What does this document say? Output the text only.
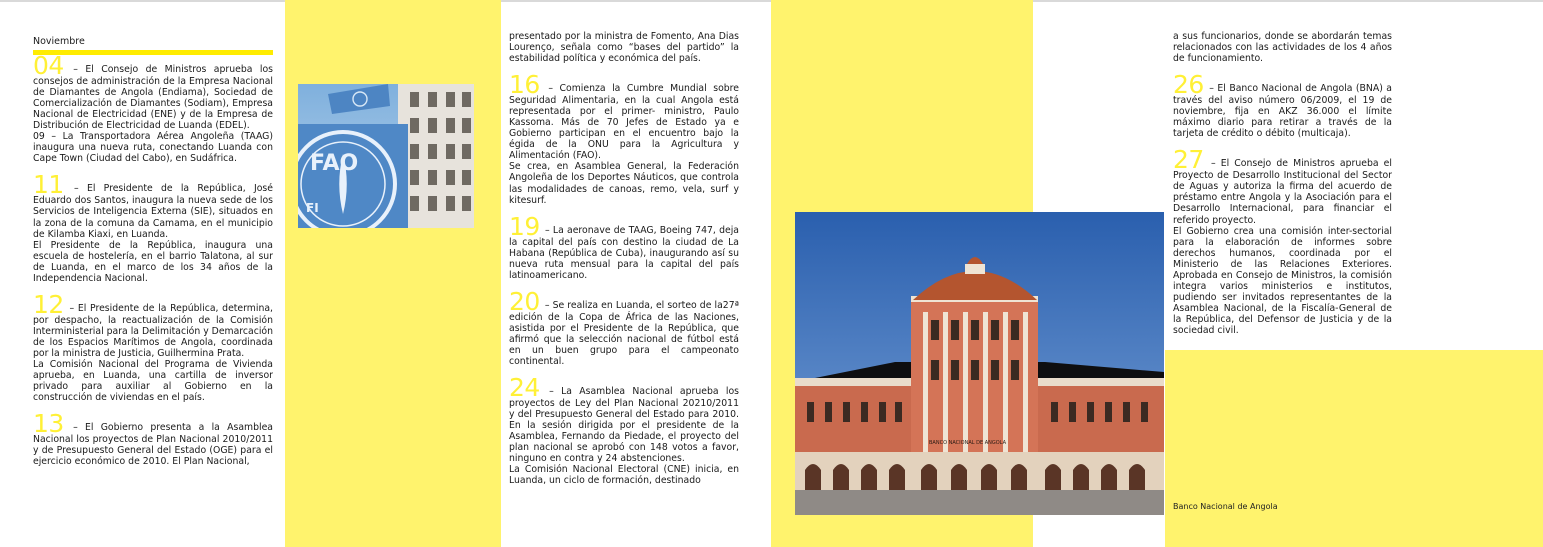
Noviembre

04 – El Consejo de Ministros aprueba los consejos de administración de la Empresa Nacional de Diamantes de Angola (Endiama), Sociedad de Comercialización de Diamantes (Sodiam), Empresa Nacional de Electricidad (ENE) y de la Empresa de Distribución de Electricidad de Luanda (EDEL).

09 – La Transportadora Aérea Angoleña (TAAG) inaugura una nueva ruta, conectando Luanda con Cape Town (Ciudad del Cabo), en Sudáfrica.

11 – El Presidente de la República, José Eduardo dos Santos, inaugura la nueva sede de los Servicios de Inteligencia Externa (SIE), situados en la zona de la comuna da Camama, en el municipio de Kilamba Kiaxi, en Luanda.

El Presidente de la República, inaugura una escuela de hostelería, en el barrio Talatona, al sur de Luanda, en el marco de los 34 años de la Independencia Nacional.

12 – El Presidente de la República, determina, por despacho, la reactualización de la Comisión Interministerial para la Delimitación y Demarcación de los Espacios Marítimos de Angola, coordinada por la ministra de Justicia, Guilhermina Prata.

La Comisión Nacional del Programa de Vivienda aprueba, en Luanda, una cartilla de inversor privado para auxiliar al Gobierno en la construcción de viviendas en el país.

13 – El Gobierno presenta a la Asamblea Nacional los proyectos de Plan Nacional 2010/2011 y de Presupuesto General del Estado (OGE) para el ejercicio económico de 2010. El Plan Nacional,

FAO
FI

presentado por la ministra de Fomento, Ana Dias Lourenço, señala como “bases del partido” la estabilidad política y económica del país.

16 – Comienza la Cumbre Mundial sobre Seguridad Alimentaria, en la cual Angola está representada por el primer- ministro, Paulo Kassoma. Más de 70 Jefes de Estado ya e Gobierno participan en el encuentro bajo la égida de la ONU para la Agricultura y Alimentación (FAO).

Se crea, en Asamblea General, la Federación Angoleña de los Deportes Náuticos, que controla las modalidades de canoas, remo, vela, surf y kitesurf.

19 – La aeronave de TAAG, Boeing 747, deja la capital del país con destino la ciudad de La Habana (República de Cuba), inaugurando así su nueva ruta mensual para la capital del país latinoamericano.

20 – Se realiza en Luanda, el sorteo de la27ª edición de la Copa de África de las Naciones, asistida por el Presidente de la República, que afirmó que la selección nacional de fútbol está en un buen grupo para el campeonato continental.

24 – La Asamblea Nacional aprueba los proyectos de Ley del Plan Nacional 20210/2011 y del Presupuesto General del Estado para 2010. En la sesión dirigida por el presidente de la Asamblea, Fernando da Piedade, el proyecto del plan nacional se aprobó con 148 votos a favor, ninguno en contra y 24 abstenciones.

La Comisión Nacional Electoral (CNE) inicia, en Luanda, un ciclo de formación, destinado

BANCO NACIONAL DE ANGOLA
Banco Nacional de Angola

a sus funcionarios, donde se abordarán temas relacionados con las actividades de los 4 años de funcionamiento.

26 – El Banco Nacional de Angola (BNA) a través del aviso número 06/2009, el 19 de noviembre, fija en AKZ 36.000 el límite máximo diario para retirar a través de la tarjeta de crédito o débito (multicaja).

27 – El Consejo de Ministros aprueba el Proyecto de Desarrollo Institucional del Sector de Aguas y autoriza la firma del acuerdo de préstamo entre Angola y la Asociación para el Desarrollo Internacional, para financiar el referido proyecto.

El Gobierno crea una comisión inter-sectorial para la elaboración de informes sobre derechos humanos, coordinada por el Ministerio de las Relaciones Exteriores. Aprobada en Consejo de Ministros, la comisión integra varios ministerios e institutos, pudiendo ser invitados representantes de la Asamblea Nacional, de la Fiscalía-General de la República, del Defensor de Justicia y de la sociedad civil.
